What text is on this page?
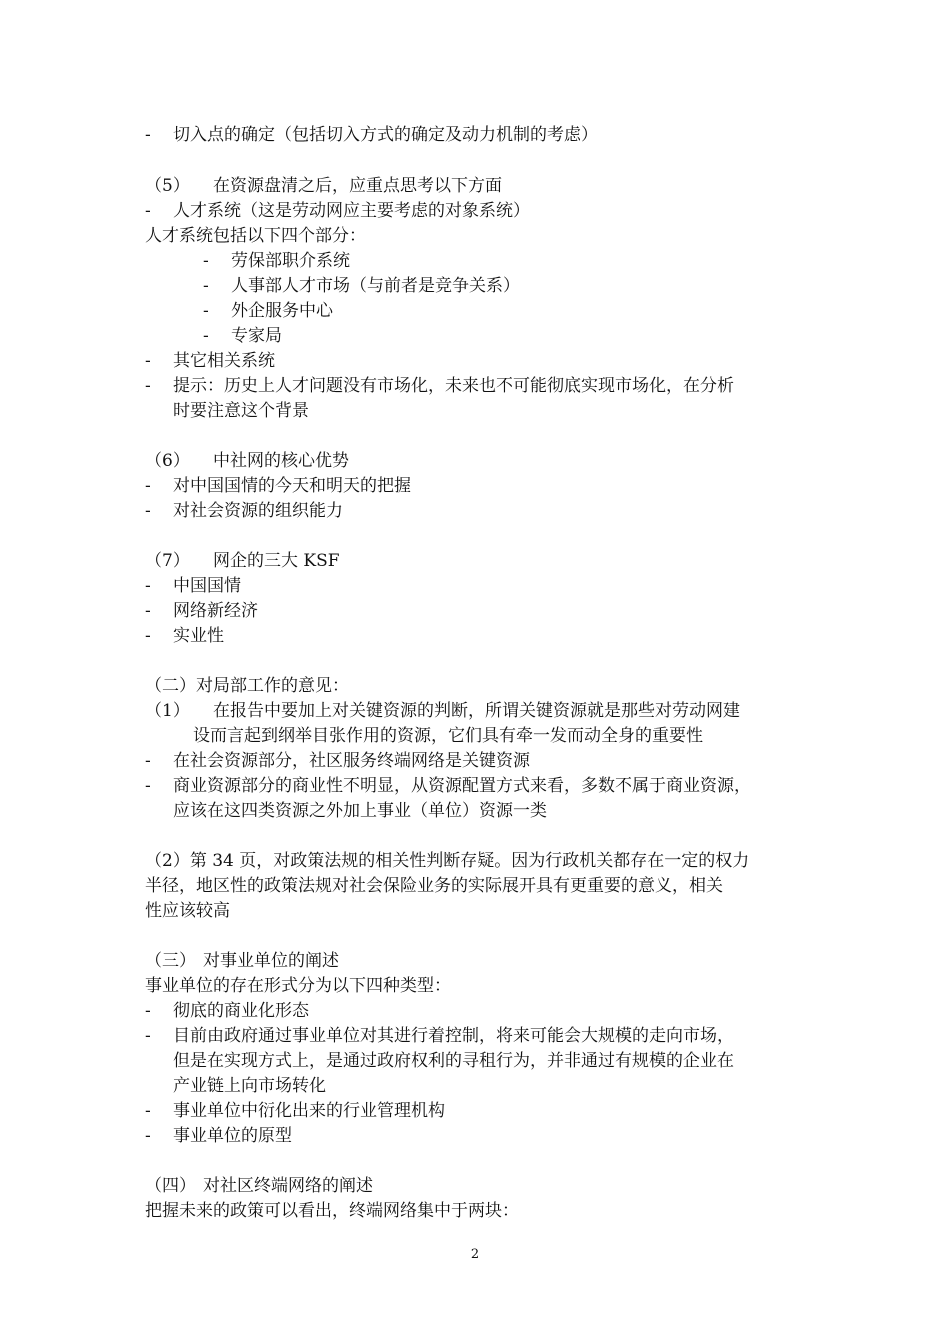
- 切入点的确定（包括切入方式的确定及动力机制的考虑）
（5） 在资源盘清之后，应重点思考以下方面
- 人才系统（这是劳动网应主要考虑的对象系统）
人才系统包括以下四个部分：
- 劳保部职介系统
- 人事部人才市场（与前者是竞争关系）
- 外企服务中心
- 专家局
- 其它相关系统
- 提示：历史上人才问题没有市场化，未来也不可能彻底实现市场化，在分析
时要注意这个背景
（6） 中社网的核心优势
- 对中国国情的今天和明天的把握
- 对社会资源的组织能力
（7） 网企的三大 KSF
- 中国国情
- 网络新经济
- 实业性
（二）对局部工作的意见：
（1） 在报告中要加上对关键资源的判断，所谓关键资源就是那些对劳动网建
设而言起到纲举目张作用的资源，它们具有牵一发而动全身的重要性
- 在社会资源部分，社区服务终端网络是关键资源
- 商业资源部分的商业性不明显，从资源配置方式来看，多数不属于商业资源，
应该在这四类资源之外加上事业（单位）资源一类
（2）第 34 页，对政策法规的相关性判断存疑。因为行政机关都存在一定的权力
半径，地区性的政策法规对社会保险业务的实际展开具有更重要的意义，相关
性应该较高
（三） 对事业单位的阐述
事业单位的存在形式分为以下四种类型：
- 彻底的商业化形态
- 目前由政府通过事业单位对其进行着控制，将来可能会大规模的走向市场，
但是在实现方式上，是通过政府权利的寻租行为，并非通过有规模的企业在
产业链上向市场转化
- 事业单位中衍化出来的行业管理机构
- 事业单位的原型
（四） 对社区终端网络的阐述
把握未来的政策可以看出，终端网络集中于两块：
2
